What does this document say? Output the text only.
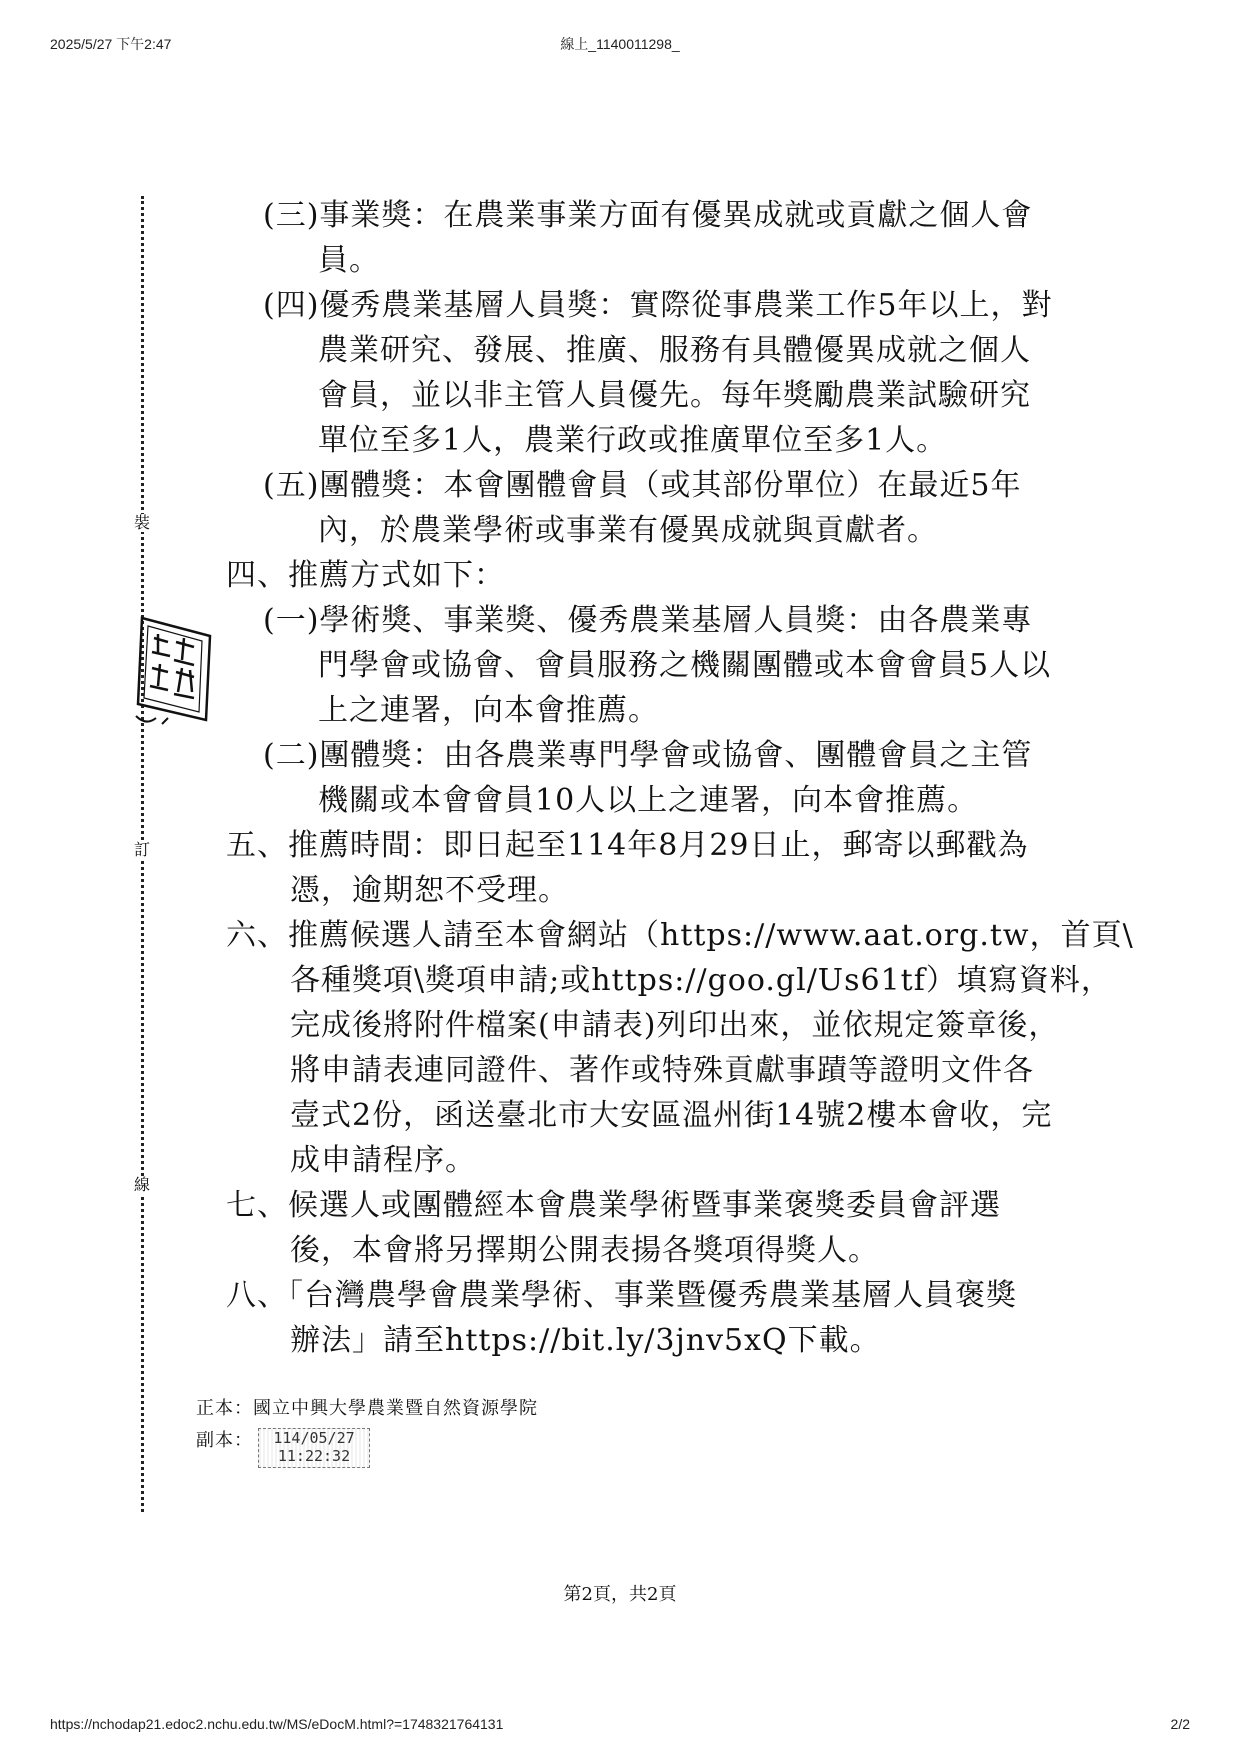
2025/5/27 下午2:47	線上_1140011298_
裝
訂
線
(三)事業獎：在農業事業方面有優異成就或貢獻之個人會
員。
(四)優秀農業基層人員獎：實際從事農業工作5年以上，對
農業研究、發展、推廣、服務有具體優異成就之個人
會員，並以非主管人員優先。每年獎勵農業試驗研究
單位至多1人，農業行政或推廣單位至多1人。
(五)團體獎：本會團體會員（或其部份單位）在最近5年
內，於農業學術或事業有優異成就與貢獻者。
四、推薦方式如下：
(一)學術獎、事業獎、優秀農業基層人員獎：由各農業專
門學會或協會、會員服務之機關團體或本會會員5人以
上之連署，向本會推薦。
(二)團體獎：由各農業專門學會或協會、團體會員之主管
機關或本會會員10人以上之連署，向本會推薦。
五、推薦時間：即日起至114年8月29日止，郵寄以郵戳為
憑，逾期恕不受理。
六、推薦候選人請至本會網站（https://www.aat.org.tw，首頁\
各種獎項\獎項申請;或https://goo.gl/Us61tf）填寫資料，
完成後將附件檔案(申請表)列印出來，並依規定簽章後，
將申請表連同證件、著作或特殊貢獻事蹟等證明文件各
壹式2份，函送臺北市大安區溫州街14號2樓本會收，完
成申請程序。
七、候選人或團體經本會農業學術暨事業褒獎委員會評選
後，本會將另擇期公開表揚各獎項得獎人。
八、「台灣農學會農業學術、事業暨優秀農業基層人員褒獎
辦法」請至https://bit.ly/3jnv5xQ下載。
正本：國立中興大學農業暨自然資源學院
副本：	114/05/27
11:22:32
第2頁，共2頁
https://nchodap21.edoc2.nchu.edu.tw/MS/eDocM.html?=1748321764131	2/2
